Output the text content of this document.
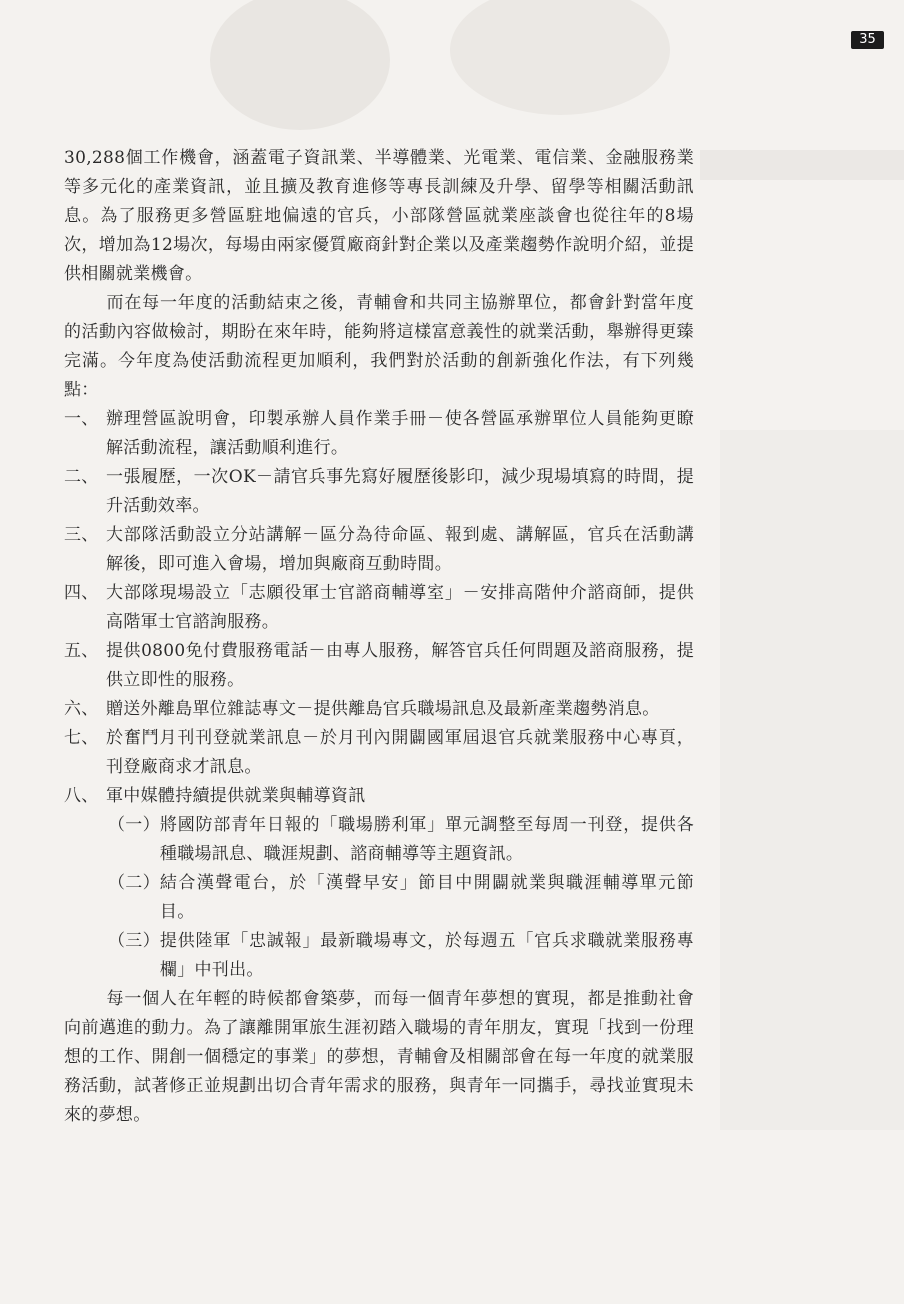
35

30,288個工作機會，涵蓋電子資訊業、半導體業、光電業、電信業、金融服務業等多元化的產業資訊，並且擴及教育進修等專長訓練及升學、留學等相關活動訊息。為了服務更多營區駐地偏遠的官兵，小部隊營區就業座談會也從往年的8場次，增加為12場次，每場由兩家優質廠商針對企業以及產業趨勢作說明介紹，並提供相關就業機會。

而在每一年度的活動結束之後，青輔會和共同主協辦單位，都會針對當年度的活動內容做檢討，期盼在來年時，能夠將這樣富意義性的就業活動，舉辦得更臻完滿。今年度為使活動流程更加順利，我們對於活動的創新強化作法，有下列幾點：

一、 辦理營區說明會，印製承辦人員作業手冊－使各營區承辦單位人員能夠更瞭解活動流程，讓活動順利進行。
二、 一張履歷，一次OK－請官兵事先寫好履歷後影印，減少現場填寫的時間，提升活動效率。
三、 大部隊活動設立分站講解－區分為待命區、報到處、講解區，官兵在活動講解後，即可進入會場，增加與廠商互動時間。
四、 大部隊現場設立「志願役軍士官諮商輔導室」－安排高階仲介諮商師，提供高階軍士官諮詢服務。
五、 提供0800免付費服務電話－由專人服務，解答官兵任何問題及諮商服務，提供立即性的服務。
六、 贈送外離島單位雜誌專文－提供離島官兵職場訊息及最新產業趨勢消息。
七、 於奮鬥月刊刊登就業訊息－於月刊內開闢國軍屆退官兵就業服務中心專頁，刊登廠商求才訊息。
八、 軍中媒體持續提供就業與輔導資訊
（一） 將國防部青年日報的「職場勝利軍」單元調整至每周一刊登，提供各種職場訊息、職涯規劃、諮商輔導等主題資訊。
（二） 結合漢聲電台，於「漢聲早安」節目中開闢就業與職涯輔導單元節目。
（三） 提供陸軍「忠誠報」最新職場專文，於每週五「官兵求職就業服務專欄」中刊出。

每一個人在年輕的時候都會築夢，而每一個青年夢想的實現，都是推動社會向前邁進的動力。為了讓離開軍旅生涯初踏入職場的青年朋友，實現「找到一份理想的工作、開創一個穩定的事業」的夢想，青輔會及相關部會在每一年度的就業服務活動，試著修正並規劃出切合青年需求的服務，與青年一同攜手，尋找並實現未來的夢想。
